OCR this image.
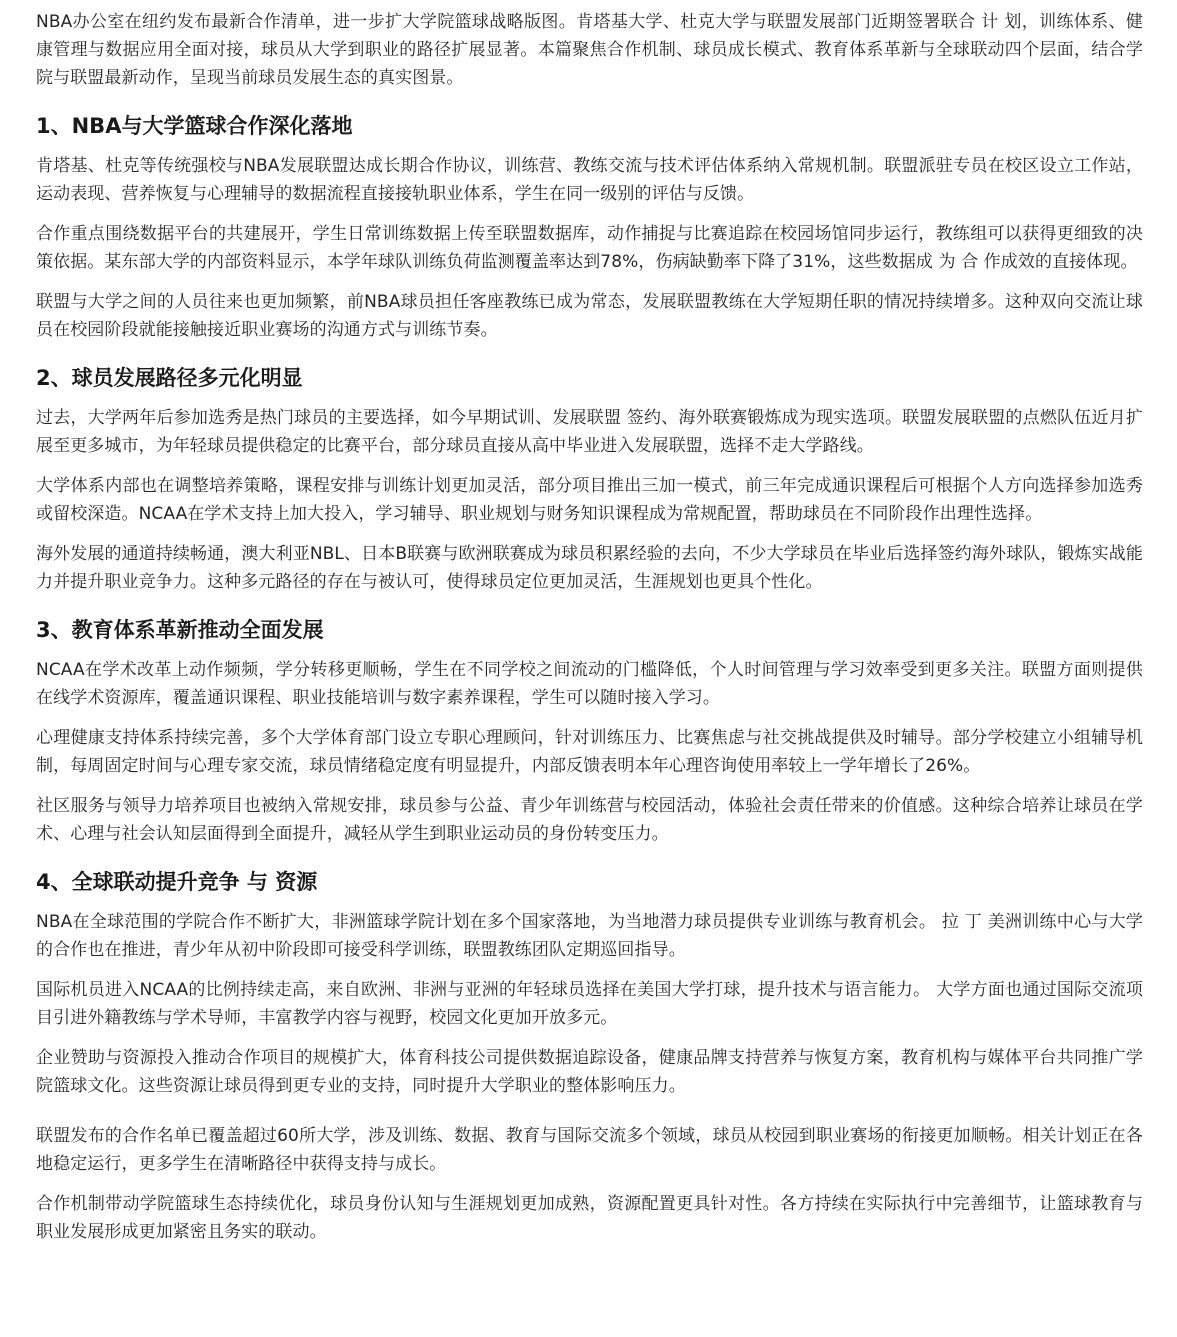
NBA办公室在纽约发布最新合作清单，进一步扩大学院篮球战略版图。肯塔基大学、杜克大学与联盟发展部门近期签署联合 计 划，训练体系、健康管理与数据应用全面对接，球员从大学到职业的路径扩展显著。本篇聚焦合作机制、球员成长模式、教育体系革新与全球联动四个层面，结合学院与联盟最新动作，呈现当前球员发展生态的真实图景。

1、NBA与大学篮球合作深化落地

肯塔基、杜克等传统强校与NBA发展联盟达成长期合作协议，训练营、教练交流与技术评估体系纳入常规机制。联盟派驻专员在校区设立工作站，运动表现、营养恢复与心理辅导的数据流程直接接轨职业体系，学生在同一级别的评估与反馈。

合作重点围绕数据平台的共建展开，学生日常训练数据上传至联盟数据库，动作捕捉与比赛追踪在校园场馆同步运行，教练组可以获得更细致的决策依据。某东部大学的内部资料显示，本学年球队训练负荷监测覆盖率达到78%，伤病缺勤率下降了31%，这些数据成 为 合 作成效的直接体现。

联盟与大学之间的人员往来也更加频繁，前NBA球员担任客座教练已成为常态，发展联盟教练在大学短期任职的情况持续增多。这种双向交流让球员在校园阶段就能接触接近职业赛场的沟通方式与训练节奏。

2、球员发展路径多元化明显

过去，大学两年后参加选秀是热门球员的主要选择，如今早期试训、发展联盟 签约、海外联赛锻炼成为现实选项。联盟发展联盟的点燃队伍近月扩展至更多城市，为年轻球员提供稳定的比赛平台，部分球员直接从高中毕业进入发展联盟，选择不走大学路线。

大学体系内部也在调整培养策略，课程安排与训练计划更加灵活，部分项目推出三加一模式，前三年完成通识课程后可根据个人方向选择参加选秀或留校深造。NCAA在学术支持上加大投入，学习辅导、职业规划与财务知识课程成为常规配置，帮助球员在不同阶段作出理性选择。

海外发展的通道持续畅通，澳大利亚NBL、日本B联赛与欧洲联赛成为球员积累经验的去向，不少大学球员在毕业后选择签约海外球队，锻炼实战能力并提升职业竞争力。这种多元路径的存在与被认可，使得球员定位更加灵活，生涯规划也更具个性化。

3、教育体系革新推动全面发展

NCAA在学术改革上动作频频，学分转移更顺畅，学生在不同学校之间流动的门槛降低，个人时间管理与学习效率受到更多关注。联盟方面则提供在线学术资源库，覆盖通识课程、职业技能培训与数字素养课程，学生可以随时接入学习。

心理健康支持体系持续完善，多个大学体育部门设立专职心理顾问，针对训练压力、比赛焦虑与社交挑战提供及时辅导。部分学校建立小组辅导机制，每周固定时间与心理专家交流，球员情绪稳定度有明显提升，内部反馈表明本年心理咨询使用率较上一学年增长了26%。

社区服务与领导力培养项目也被纳入常规安排，球员参与公益、青少年训练营与校园活动，体验社会责任带来的价值感。这种综合培养让球员在学术、心理与社会认知层面得到全面提升，减轻从学生到职业运动员的身份转变压力。

4、全球联动提升竞争 与 资源

NBA在全球范围的学院合作不断扩大，非洲篮球学院计划在多个国家落地，为当地潜力球员提供专业训练与教育机会。 拉 丁 美洲训练中心与大学的合作也在推进，青少年从初中阶段即可接受科学训练，联盟教练团队定期巡回指导。

国际机员进入NCAA的比例持续走高，来自欧洲、非洲与亚洲的年轻球员选择在美国大学打球，提升技术与语言能力。 大学方面也通过国际交流项目引进外籍教练与学术导师，丰富教学内容与视野，校园文化更加开放多元。

企业赞助与资源投入推动合作项目的规模扩大，体育科技公司提供数据追踪设备，健康品牌支持营养与恢复方案，教育机构与媒体平台共同推广学院篮球文化。这些资源让球员得到更专业的支持，同时提升大学职业的整体影响压力。

联盟发布的合作名单已覆盖超过60所大学，涉及训练、数据、教育与国际交流多个领域，球员从校园到职业赛场的衔接更加顺畅。相关计划正在各地稳定运行，更多学生在清晰路径中获得支持与成长。

合作机制带动学院篮球生态持续优化，球员身份认知与生涯规划更加成熟，资源配置更具针对性。各方持续在实际执行中完善细节，让篮球教育与职业发展形成更加紧密且务实的联动。
